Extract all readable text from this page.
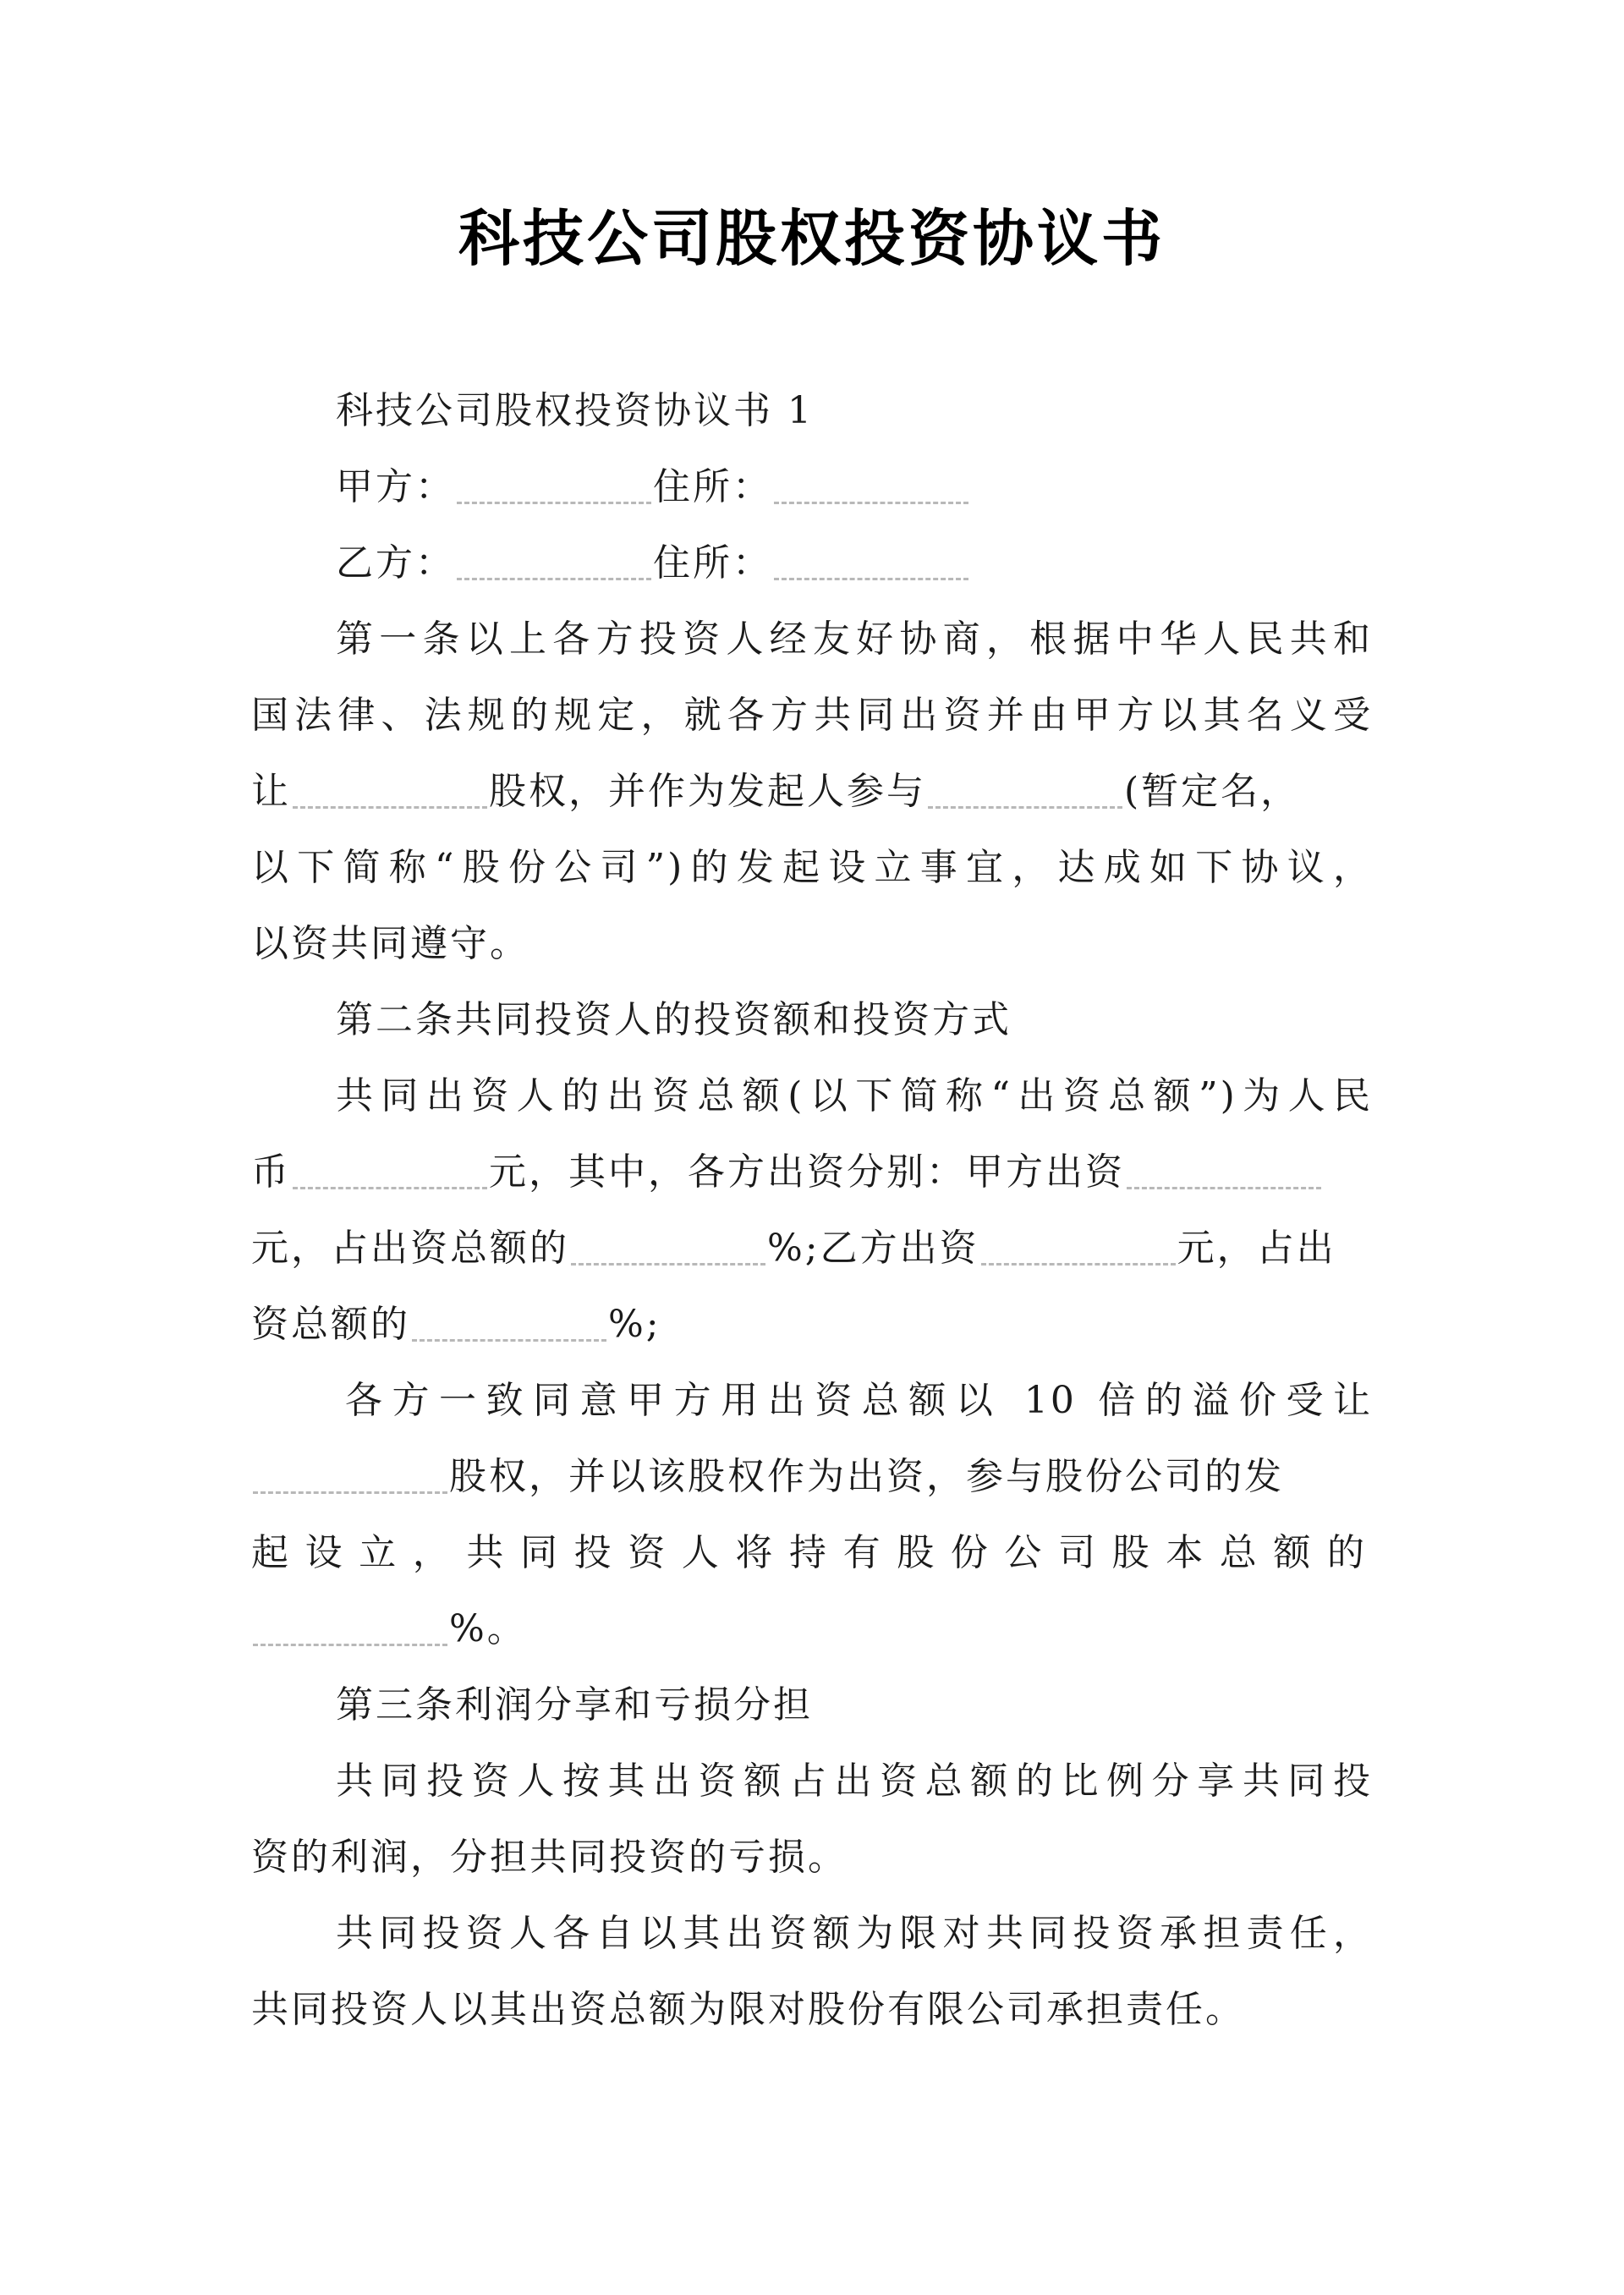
科技公司股权投资协议书
科技公司股权投资协议书 1
甲方：	住所：
乙方：	住所：
第一条以上各方投资人经友好协商，根据中华人民共和
国法律、法规的规定，就各方共同出资并由甲方以其名义受
让	股权，并作为发起人参与	(暂定名，
以下简称“股份公司”)的发起设立事宜，达成如下协议，
以资共同遵守。
第二条共同投资人的投资额和投资方式
共同出资人的出资总额(以下简称“出资总额”)为人民
币	元，其中，各方出资分别：甲方出资
元，占出资总额的	%;乙方出资	元，占出
资总额的	%;
各方一致同意甲方用出资总额以 10 倍的溢价受让
股权，并以该股权作为出资，参与股份公司的发
起设立，共同投资人将持有股份公司股本总额的
%。
第三条利润分享和亏损分担
共同投资人按其出资额占出资总额的比例分享共同投
资的利润，分担共同投资的亏损。
共同投资人各自以其出资额为限对共同投资承担责任，
共同投资人以其出资总额为限对股份有限公司承担责任。
